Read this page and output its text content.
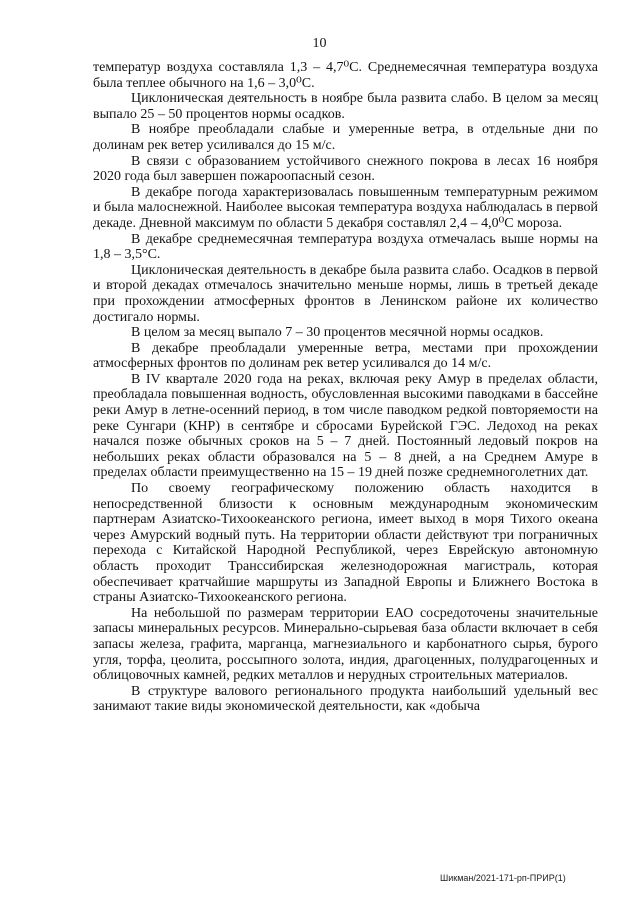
10

температур воздуха составляла 1,3 – 4,7⁰С. Среднемесячная температура воздуха была теплее обычного на 1,6 – 3,0⁰С.

Циклоническая деятельность в ноябре была развита слабо. В целом за месяц выпало 25 – 50 процентов нормы осадков.

В ноябре преобладали слабые и умеренные ветра, в отдельные дни по долинам рек ветер усиливался до 15 м/с.

В связи с образованием устойчивого снежного покрова в лесах 16 ноября 2020 года был завершен пожароопасный сезон.

В декабре погода характеризовалась повышенным температурным режимом и была малоснежной. Наиболее высокая температура воздуха наблюдалась в первой декаде. Дневной максимум по области 5 декабря составлял 2,4 – 4,0⁰С мороза.

В декабре среднемесячная температура воздуха отмечалась выше нормы на 1,8 – 3,5°С.

Циклоническая деятельность в декабре была развита слабо. Осадков в первой и второй декадах отмечалось значительно меньше нормы, лишь в третьей декаде при прохождении атмосферных фронтов в Ленинском районе их количество достигало нормы.

В целом за месяц выпало 7 – 30 процентов месячной нормы осадков.

В декабре преобладали умеренные ветра, местами при прохождении атмосферных фронтов по долинам рек ветер усиливался до 14 м/с.

В IV квартале 2020 года на реках, включая реку Амур в пределах области, преобладала повышенная водность, обусловленная высокими паводками в бассейне реки Амур в летне-осенний период, в том числе паводком редкой повторяемости на реке Сунгари (КНР) в сентябре и сбросами Бурейской ГЭС. Ледоход на реках начался позже обычных сроков на 5 – 7 дней. Постоянный ледовый покров на небольших реках области образовался на 5 – 8 дней, а на Среднем Амуре в пределах области преимущественно на 15 – 19 дней позже среднемноголетних дат.

По своему географическому положению область находится в непосредственной близости к основным международным экономическим партнерам Азиатско-Тихоокеанского региона, имеет выход в моря Тихого океана через Амурский водный путь. На территории области действуют три пограничных перехода с Китайской Народной Республикой, через Еврейскую автономную область проходит Транссибирская железнодорожная магистраль, которая обеспечивает кратчайшие маршруты из Западной Европы и Ближнего Востока в страны Азиатско-Тихоокеанского региона.

На небольшой по размерам территории ЕАО сосредоточены значительные запасы минеральных ресурсов. Минерально-сырьевая база области включает в себя запасы железа, графита, марганца, магнезиального и карбонатного сырья, бурого угля, торфа, цеолита, россыпного золота, индия, драгоценных, полудрагоценных и облицовочных камней, редких металлов и нерудных строительных материалов.

В структуре валового регионального продукта наибольший удельный вес занимают такие виды экономической деятельности, как «добыча

Шикман/2021-171-рп-ПРИР(1)
